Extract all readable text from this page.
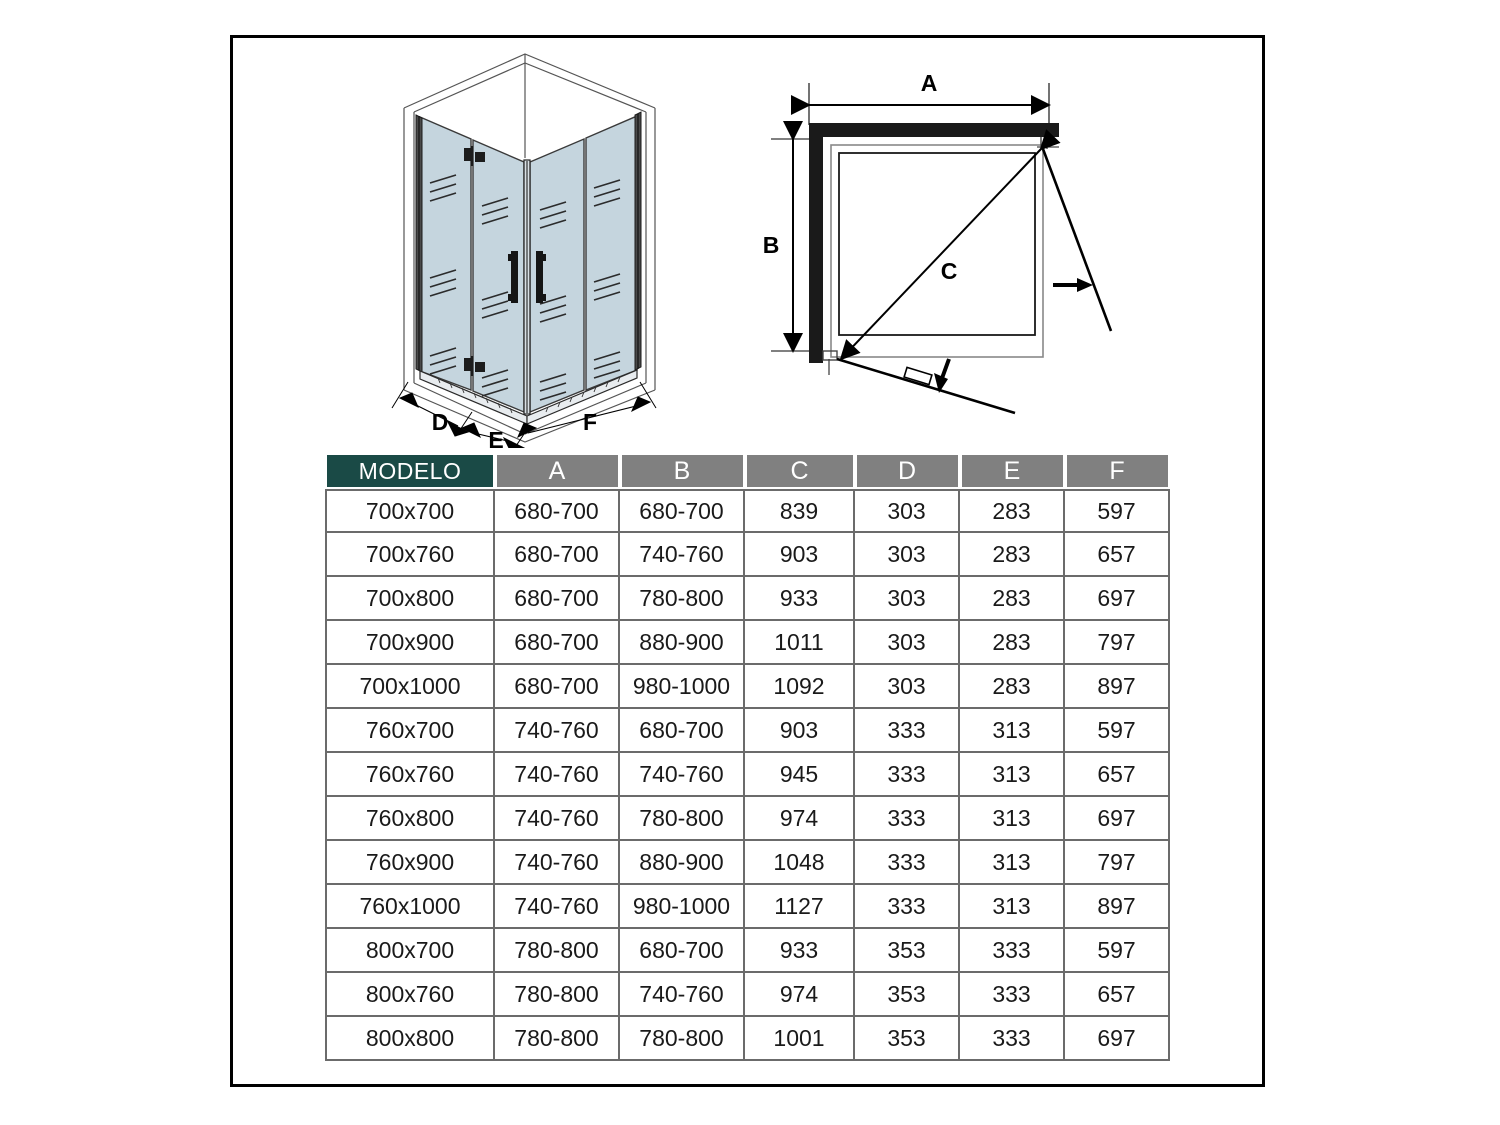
D
E
F
A
B
C
MODELO	A	B	C	D	E	F
700x700	680-700	680-700	839	303	283	597
700x760	680-700	740-760	903	303	283	657
700x800	680-700	780-800	933	303	283	697
700x900	680-700	880-900	1011	303	283	797
700x1000	680-700	980-1000	1092	303	283	897
760x700	740-760	680-700	903	333	313	597
760x760	740-760	740-760	945	333	313	657
760x800	740-760	780-800	974	333	313	697
760x900	740-760	880-900	1048	333	313	797
760x1000	740-760	980-1000	1127	333	313	897
800x700	780-800	680-700	933	353	333	597
800x760	780-800	740-760	974	353	333	657
800x800	780-800	780-800	1001	353	333	697
